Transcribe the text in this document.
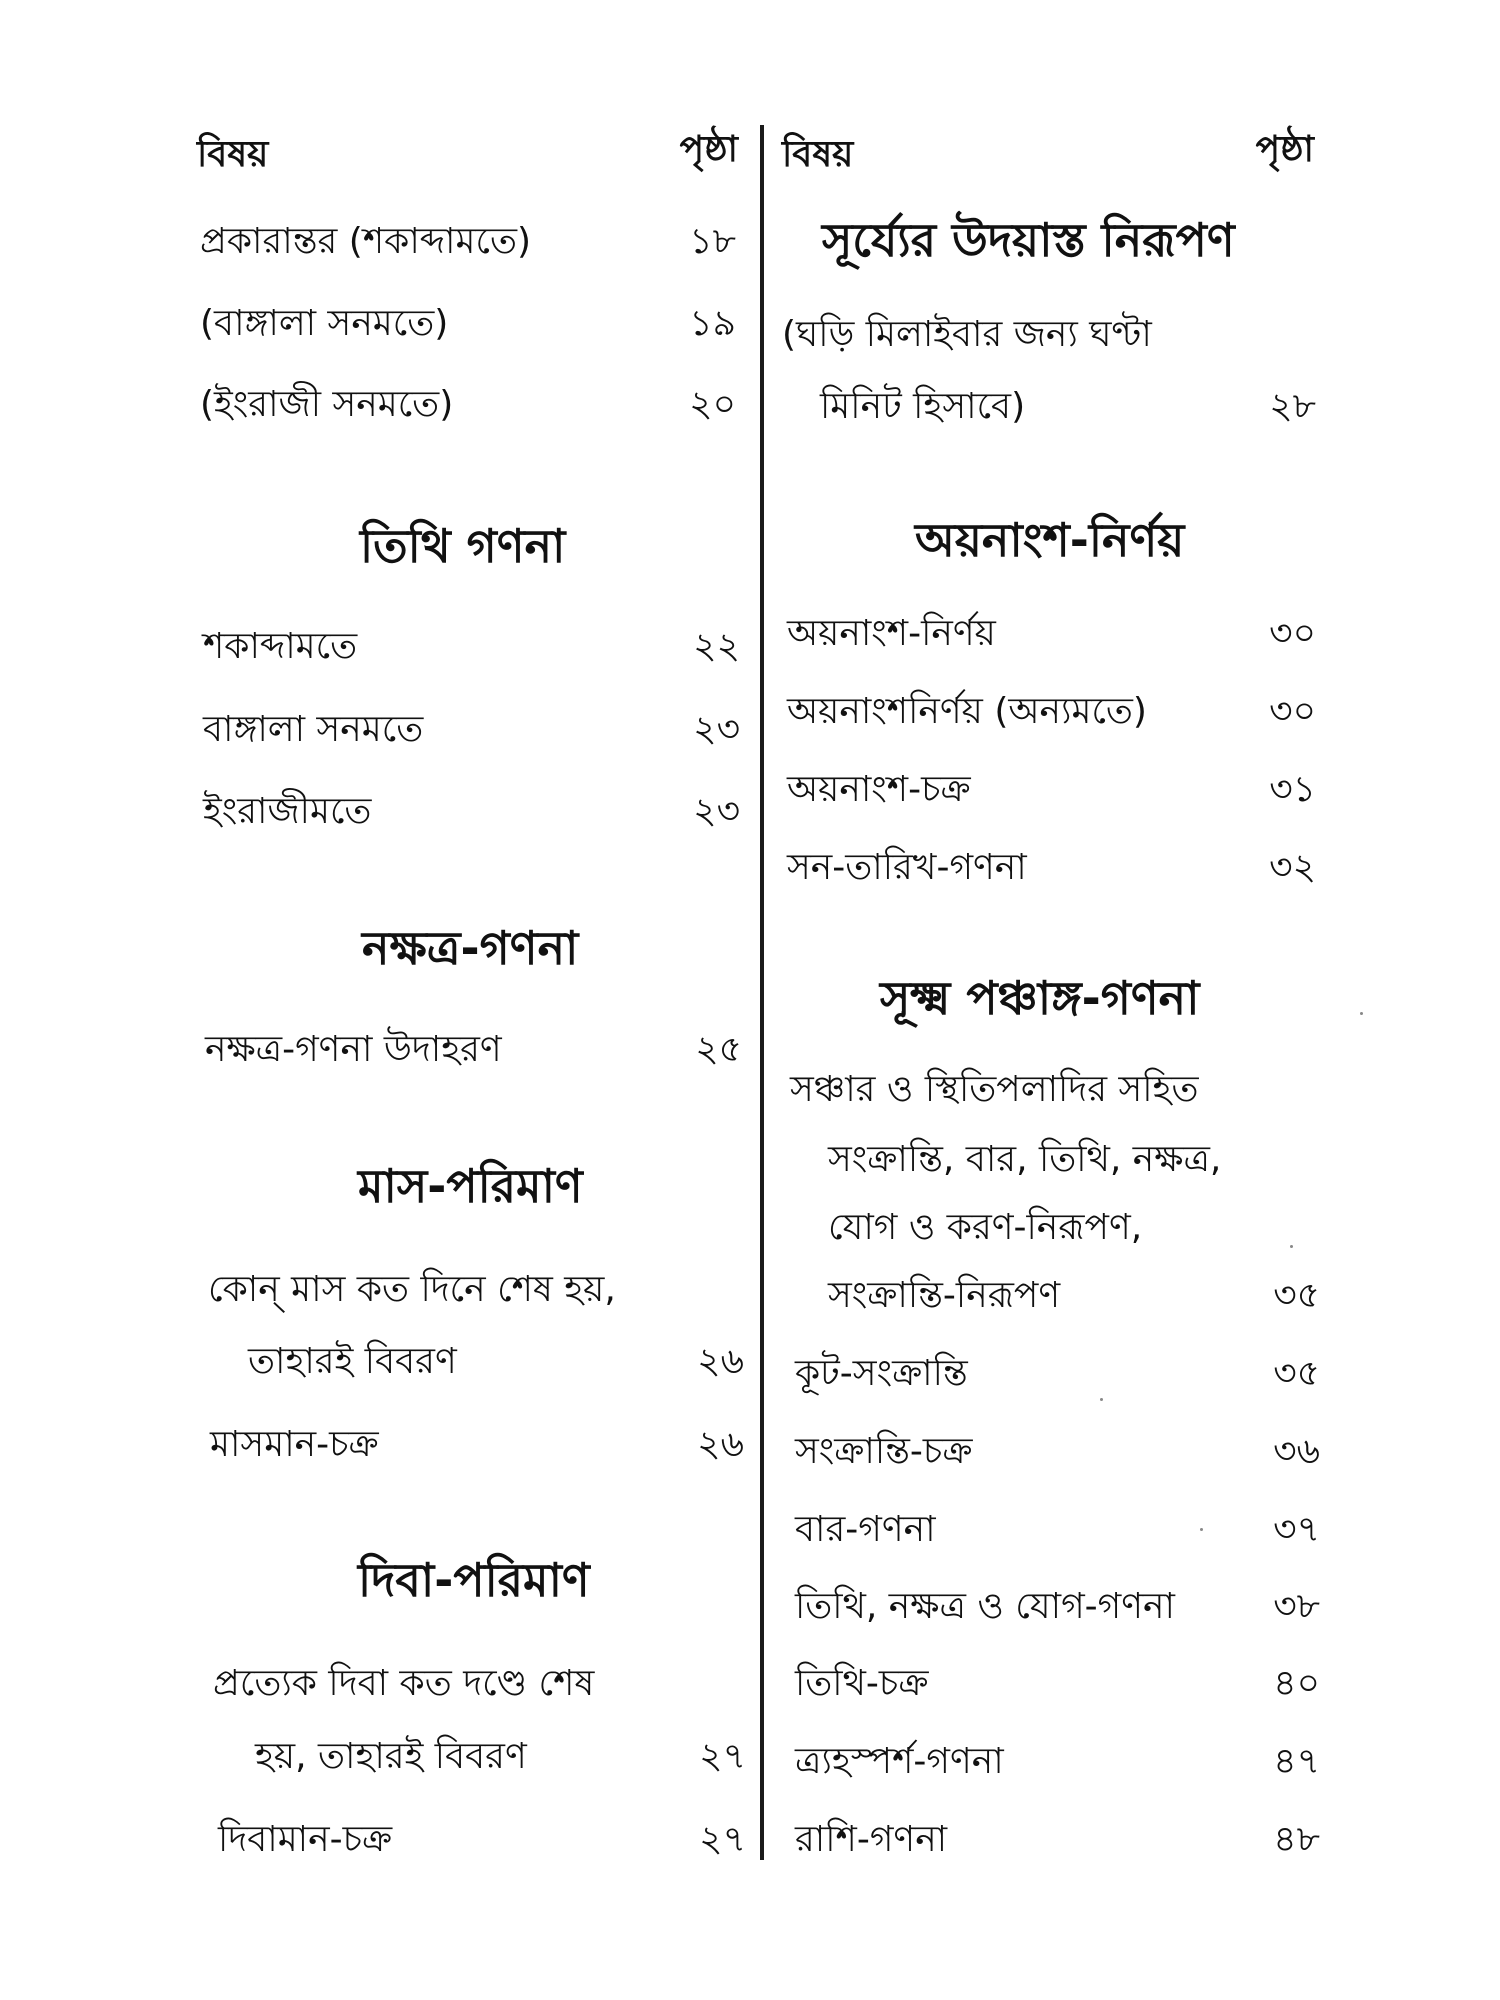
বিষয়	পৃষ্ঠা
প্রকারান্তর (শকাব্দামতে)	১৮
(বাঙ্গালা সনমতে)	১৯
(ইংরাজী সনমতে)	২০
তিথি গণনা
শকাব্দামতে	২২
বাঙ্গালা সনমতে	২৩
ইংরাজীমতে	২৩
নক্ষত্র-গণনা
নক্ষত্র-গণনা উদাহরণ	২৫
মাস-পরিমাণ
কোন্ মাস কত দিনে শেষ হয়,
তাহারই বিবরণ	২৬
মাসমান-চক্র	২৬
দিবা-পরিমাণ
প্রত্যেক দিবা কত দণ্ডে শেষ
হয়, তাহারই বিবরণ	২৭
দিবামান-চক্র	২৭
বিষয়	পৃষ্ঠা
সূর্য্যের উদয়াস্ত নিরূপণ
(ঘড়ি মিলাইবার জন্য ঘণ্টা
মিনিট হিসাবে)	২৮
অয়নাংশ-নির্ণয়
অয়নাংশ-নির্ণয়	৩০
অয়নাংশনির্ণয় (অন্যমতে)	৩০
অয়নাংশ-চক্র	৩১
সন-তারিখ-গণনা	৩২
সূক্ষ্ম পঞ্চাঙ্গ-গণনা
সঞ্চার ও স্থিতিপলাদির সহিত
সংক্রান্তি, বার, তিথি, নক্ষত্র,
যোগ ও করণ-নিরূপণ,
সংক্রান্তি-নিরূপণ	৩৫
কূট-সংক্রান্তি	৩৫
সংক্রান্তি-চক্র	৩৬
বার-গণনা	৩৭
তিথি, নক্ষত্র ও যোগ-গণনা	৩৮
তিথি-চক্র	৪০
ত্র্যহস্পর্শ-গণনা	৪৭
রাশি-গণনা	৪৮
